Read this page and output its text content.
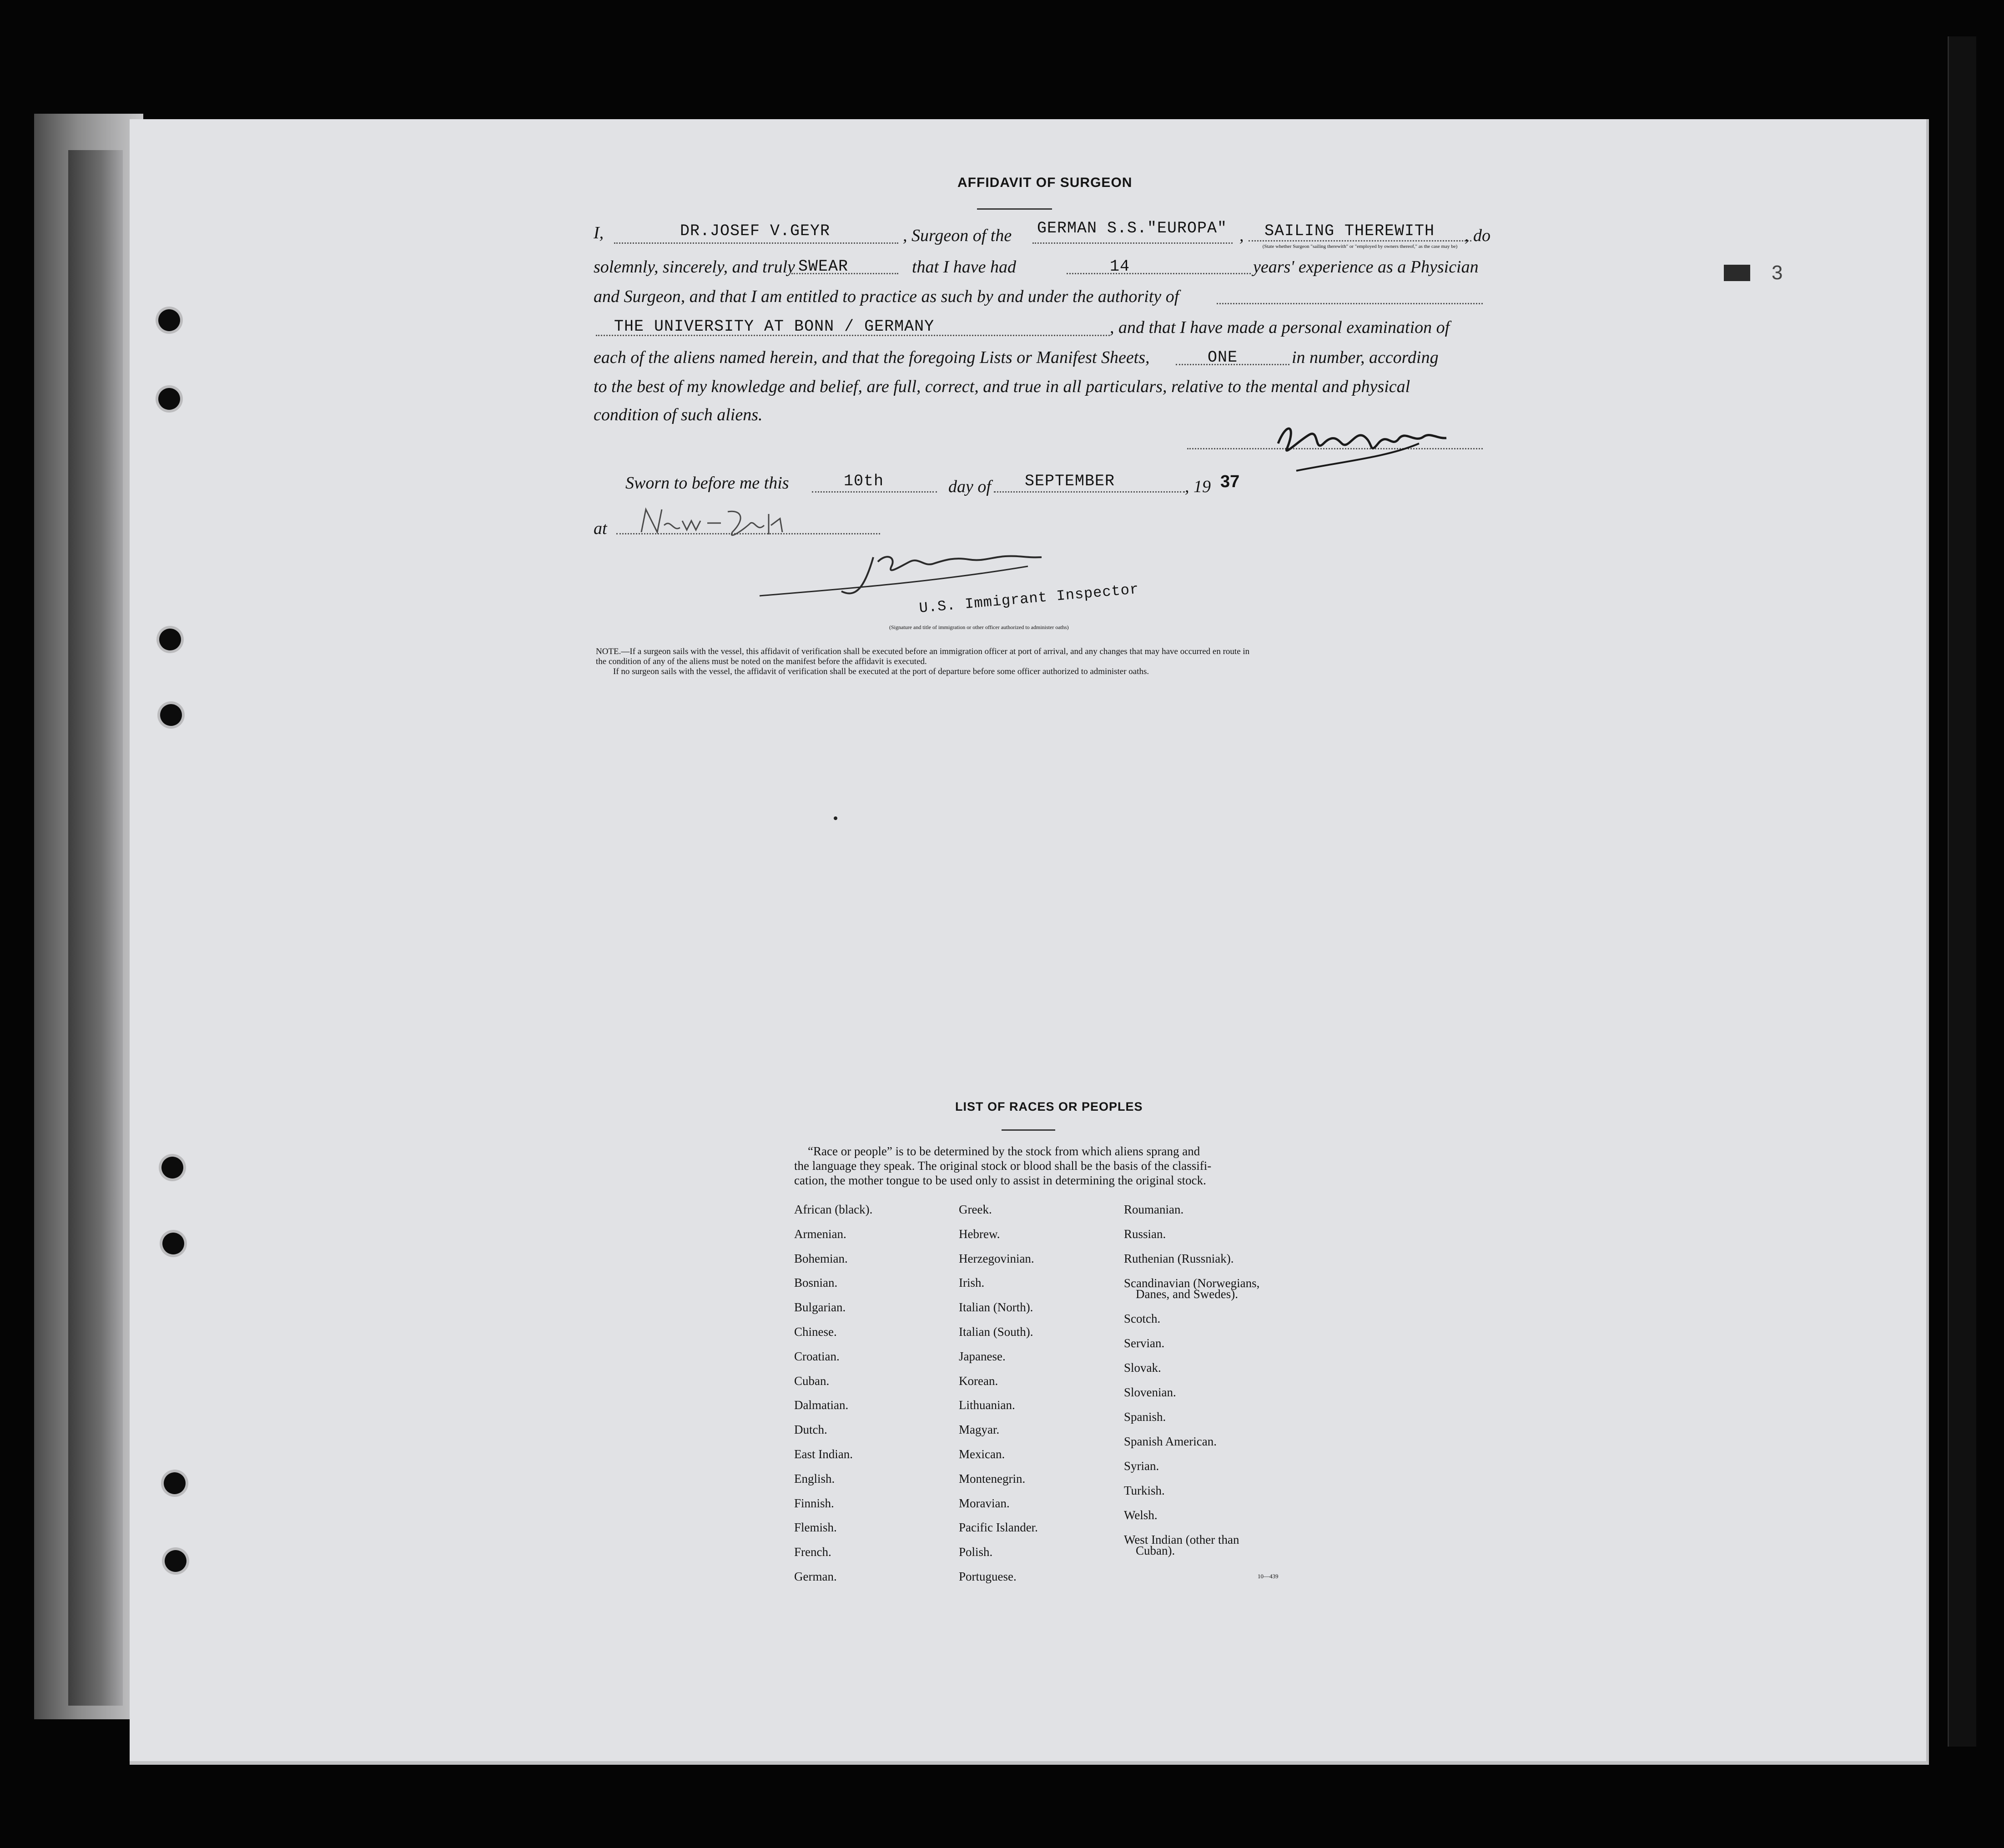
3
AFFIDAVIT OF SURGEON
I,	DR.JOSEF V.GEYR	, Surgeon of the GERMAN S.S."EUROPA" , SAILING THEREWITH , do
(State whether Surgeon "sailing therewith" or "employed by owners thereof," as the case may be)
solemnly, sincerely, and truly SWEAR	that I have had	14	years' experience as a Physician
and Surgeon, and that I am entitled to practice as such by and under the authority of
THE UNIVERSITY AT BONN / GERMANY	, and that I have made a personal examination of
each of the aliens named herein, and that the foregoing Lists or Manifest Sheets,	ONE	in number, according
to the best of my knowledge and belief, are full, correct, and true in all particulars, relative to the mental and physical
condition of such aliens.
Sworn to before me this	10th	day of SEPTEMBER	, 19 37
at
U.S. Immigrant Inspector
(Signature and title of immigration or other officer authorized to administer oaths)
NOTE.—If a surgeon sails with the vessel, this affidavit of verification shall be executed before an immigration officer at port of arrival, and any changes that may have occurred en route in
the condition of any of the aliens must be noted on the manifest before the affidavit is executed.
If no surgeon sails with the vessel, the affidavit of verification shall be executed at the port of departure before some officer authorized to administer oaths.
LIST OF RACES OR PEOPLES
“Race or people” is to be determined by the stock from which aliens sprang and
the language they speak. The original stock or blood shall be the basis of the classifi-
cation, the mother tongue to be used only to assist in determining the original stock.
African (black).
Armenian.
Bohemian.
Bosnian.
Bulgarian.
Chinese.
Croatian.
Cuban.
Dalmatian.
Dutch.
East Indian.
English.
Finnish.
Flemish.
French.
German.
Greek.
Hebrew.
Herzegovinian.
Irish.
Italian (North).
Italian (South).
Japanese.
Korean.
Lithuanian.
Magyar.
Mexican.
Montenegrin.
Moravian.
Pacific Islander.
Polish.
Portuguese.
Roumanian.
Russian.
Ruthenian (Russniak).
Scandinavian (Norwegians,
Danes, and Swedes).
Scotch.
Servian.
Slovak.
Slovenian.
Spanish.
Spanish American.
Syrian.
Turkish.
Welsh.
West Indian (other than
Cuban).
10—439
